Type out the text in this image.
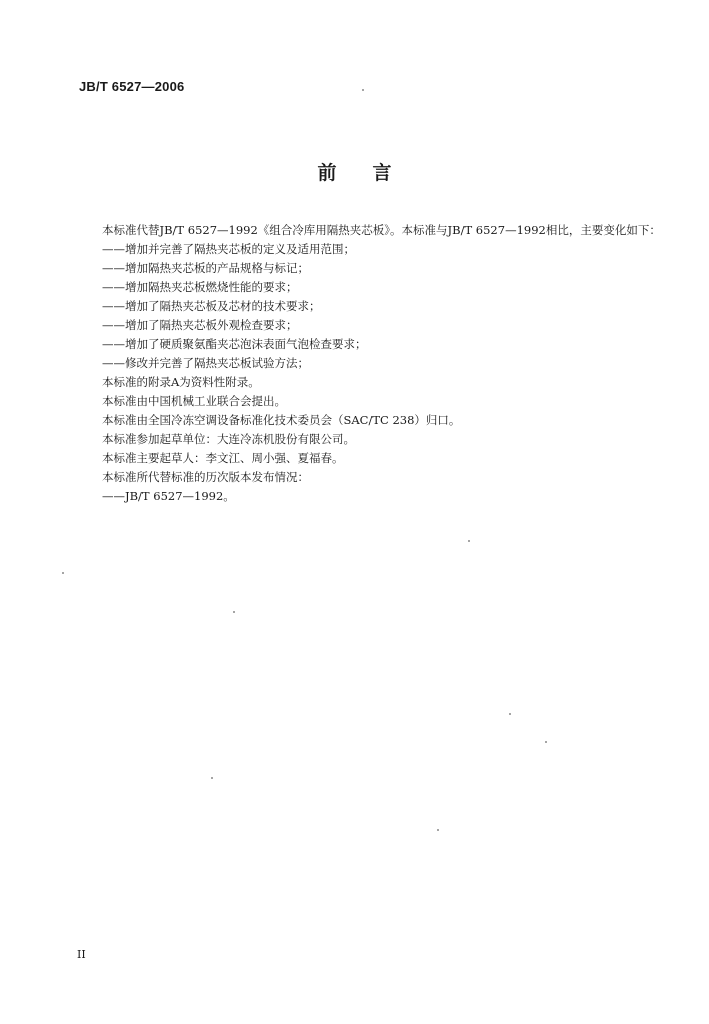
JB/T 6527—2006
前言

本标准代替JB/T 6527—1992《组合冷库用隔热夹芯板》。本标准与JB/T 6527—1992相比，主要变化如下：

——增加并完善了隔热夹芯板的定义及适用范围；

——增加隔热夹芯板的产品规格与标记；

——增加隔热夹芯板燃烧性能的要求；

——增加了隔热夹芯板及芯材的技术要求；

——增加了隔热夹芯板外观检查要求；

——增加了硬质聚氨酯夹芯泡沫表面气泡检查要求；

——修改并完善了隔热夹芯板试验方法；

本标准的附录A为资料性附录。

本标准由中国机械工业联合会提出。

本标准由全国冷冻空调设备标准化技术委员会（SAC/TC 238）归口。

本标准参加起草单位：大连冷冻机股份有限公司。

本标准主要起草人：李文江、周小强、夏福春。

本标准所代替标准的历次版本发布情况：

——JB/T 6527—1992。

II
